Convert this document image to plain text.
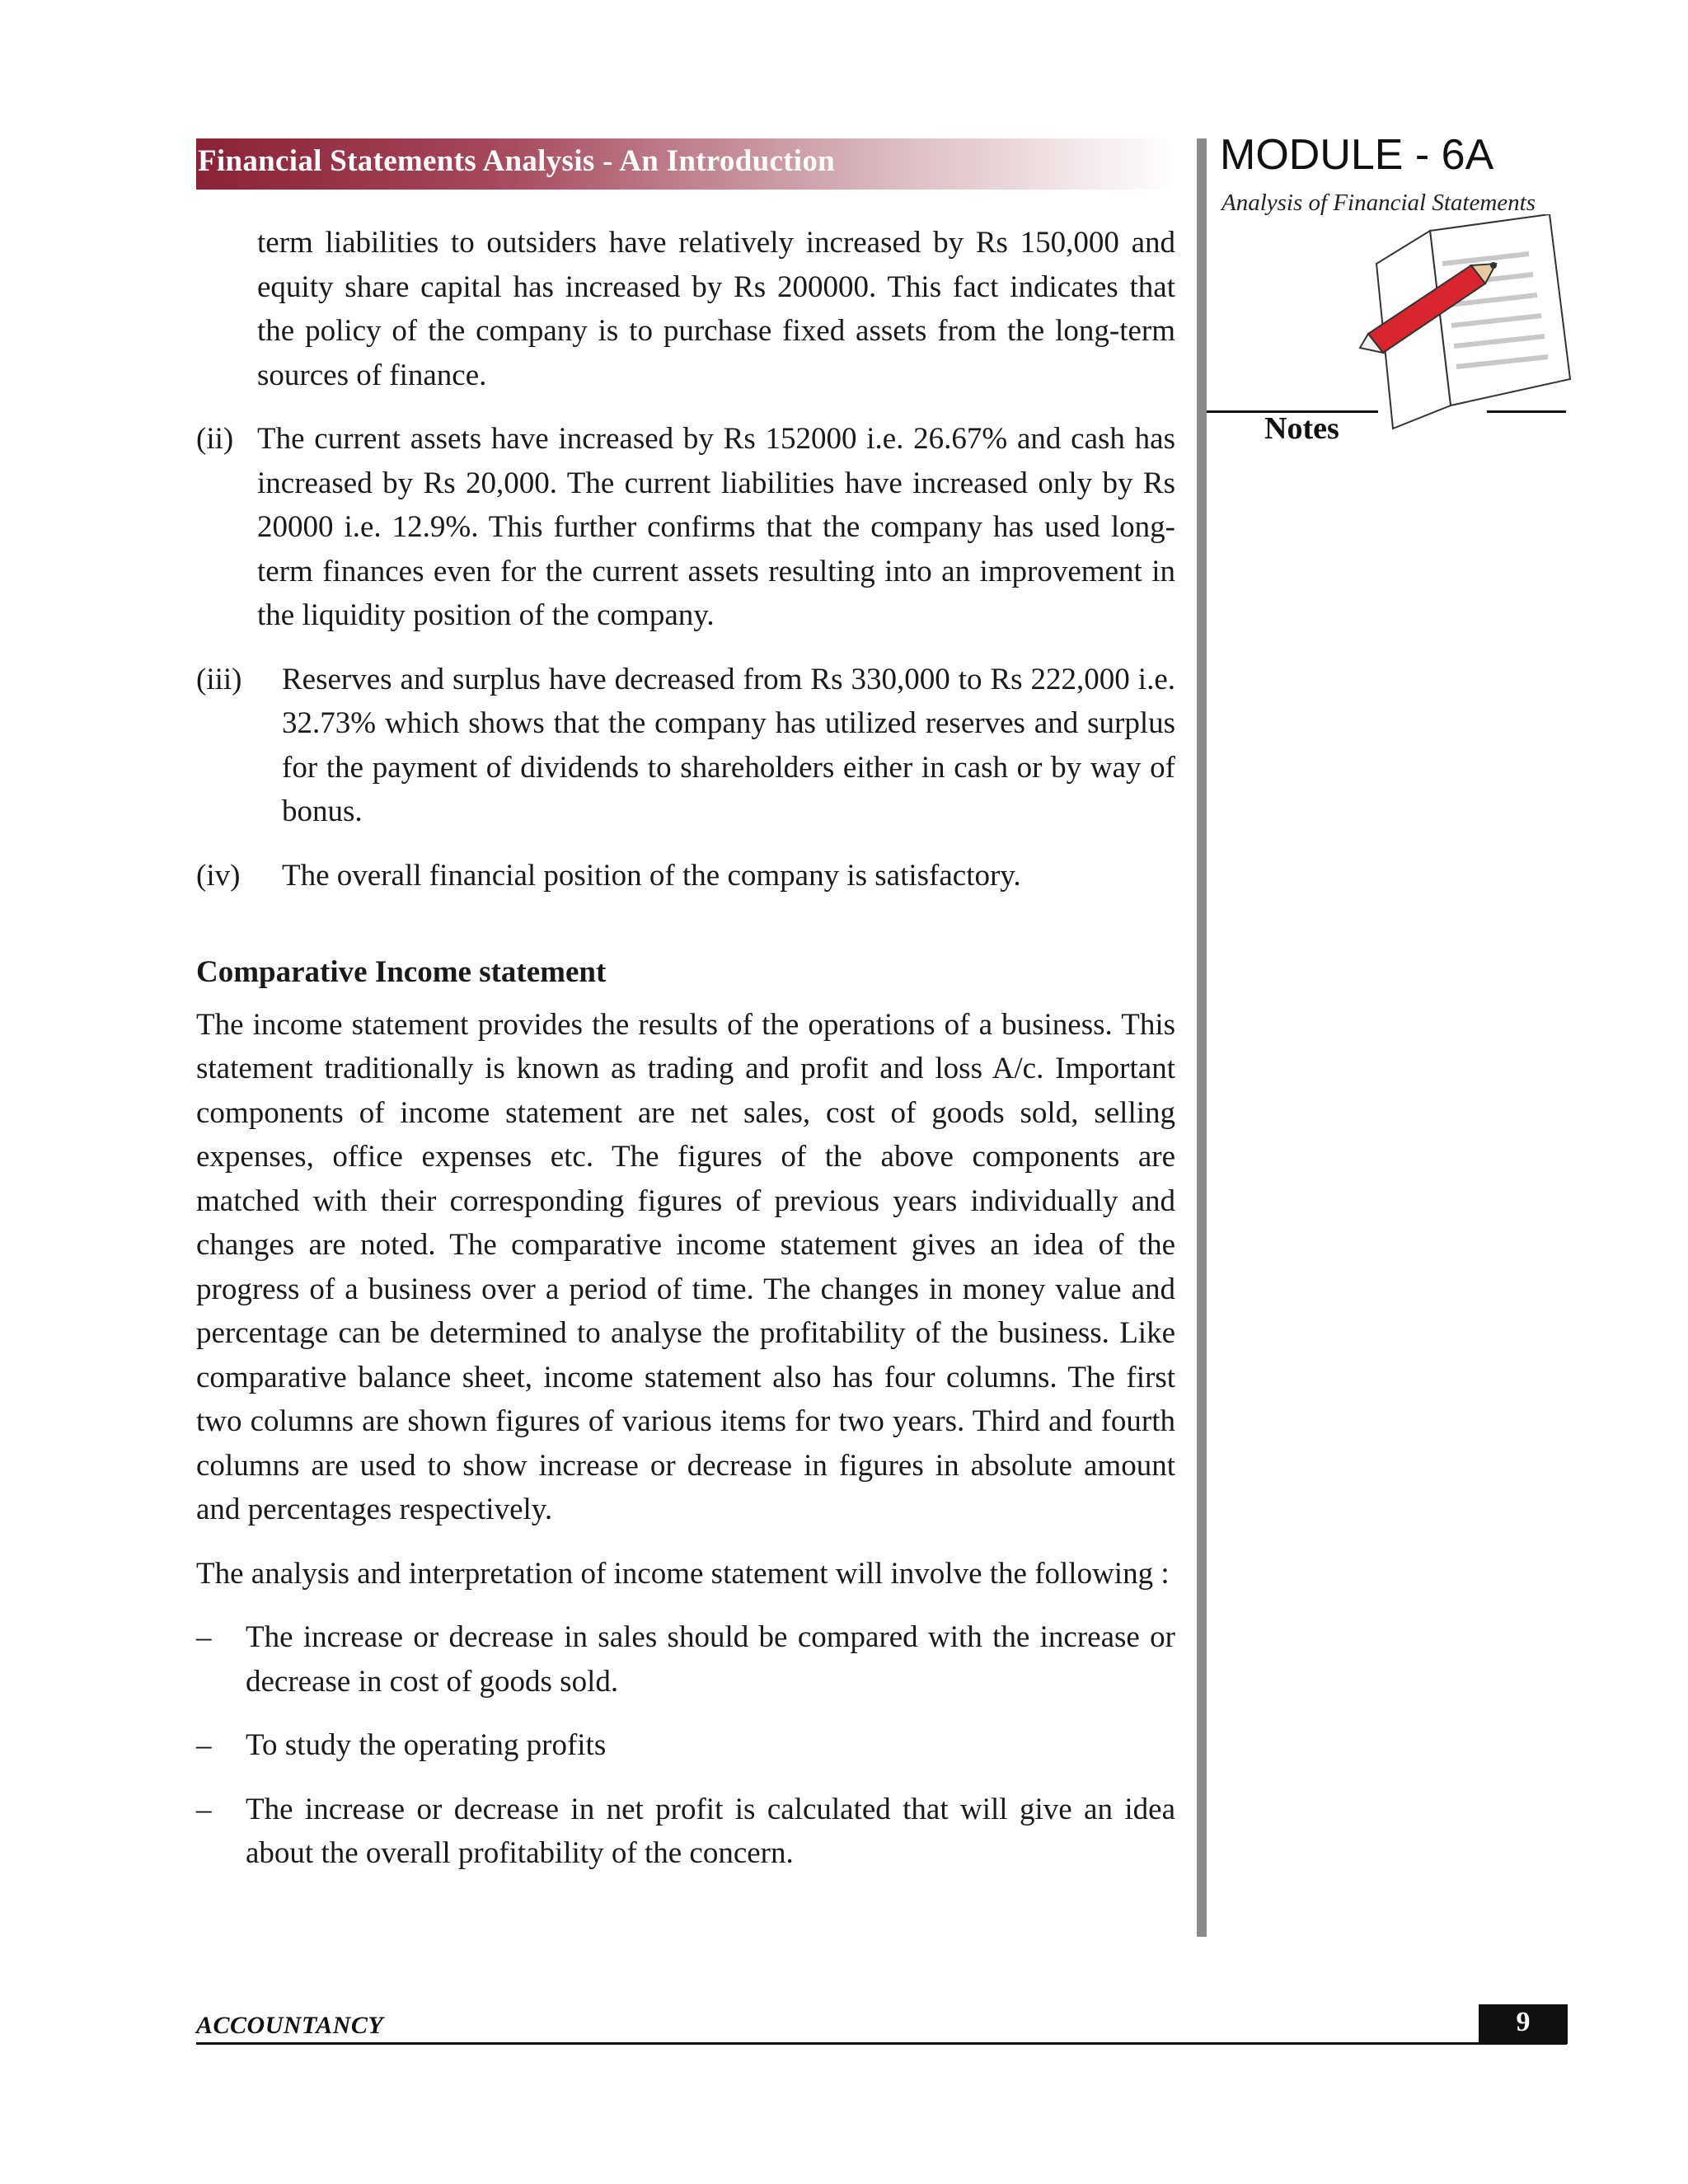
Financial Statements Analysis - An Introduction	MODULE - 6A
Analysis of Financial Statements
Notes

term liabilities to outsiders have relatively increased by Rs 150,000 and equity share capital has increased by Rs 200000. This fact indicates that the policy of the company is to purchase fixed assets from the long-term sources of finance.

(ii) The current assets have increased by Rs 152000 i.e. 26.67% and cash has increased by Rs 20,000. The current liabilities have increased only by Rs 20000 i.e. 12.9%. This further confirms that the company has used long-term finances even for the current assets resulting into an improvement in the liquidity position of the company.
(iii)	Reserves and surplus have decreased from Rs 330,000 to Rs 222,000 i.e. 32.73% which shows that the company has utilized reserves and surplus for the payment of dividends to shareholders either in cash or by way of bonus.
(iv)	The overall financial position of the company is satisfactory.
Comparative Income statement

The income statement provides the results of the operations of a business. This statement traditionally is known as trading and profit and loss A/c. Important components of income statement are net sales, cost of goods sold, selling expenses, office expenses etc. The figures of the above components are matched with their corresponding figures of previous years individually and changes are noted. The comparative income statement gives an idea of the progress of a business over a period of time. The changes in money value and percentage can be determined to analyse the profitability of the business. Like comparative balance sheet, income statement also has four columns. The first two columns are shown figures of various items for two years. Third and fourth columns are used to show increase or decrease in figures in absolute amount and percentages respectively.

The analysis and interpretation of income statement will involve the following :

–	The increase or decrease in sales should be compared with the increase or decrease in cost of goods sold.
–	To study the operating profits
–	The increase or decrease in net profit is calculated that will give an idea about the overall profitability of the concern.
ACCOUNTANCY	9
